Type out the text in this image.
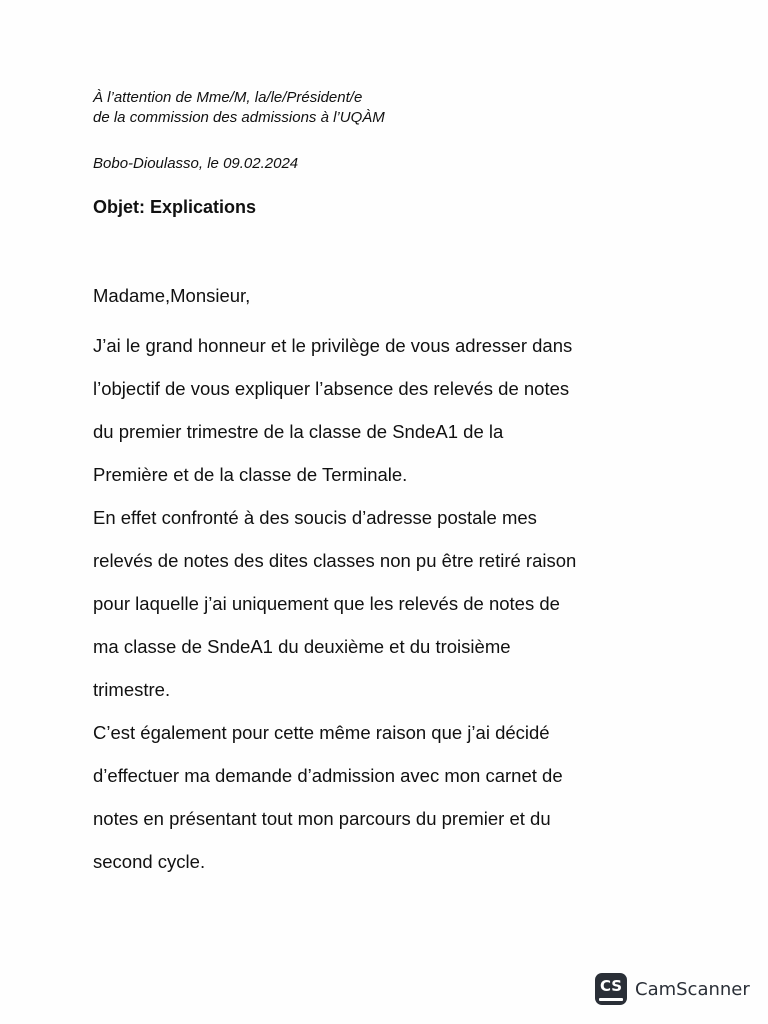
À l’attention de Mme/M, la/le/Président/e
de la commission des admissions à l’UQÀM
Bobo-Dioulasso, le 09.02.2024
Objet: Explications
Madame,Monsieur,
J’ai le grand honneur et le privilège de vous adresser dans
l’objectif de vous expliquer l’absence des relevés de notes
du premier trimestre de la classe de SndeA1 de la
Première et de la classe de Terminale.
En effet confronté à des soucis d’adresse postale mes
relevés de notes des dites classes non pu être retiré raison
pour laquelle j’ai uniquement que les relevés de notes de
ma classe de SndeA1 du deuxième et du troisième
trimestre.
C’est également pour cette même raison que j’ai décidé
d’effectuer ma demande d’admission avec mon carnet de
notes en présentant tout mon parcours du premier et du
second cycle.
CS CamScanner
